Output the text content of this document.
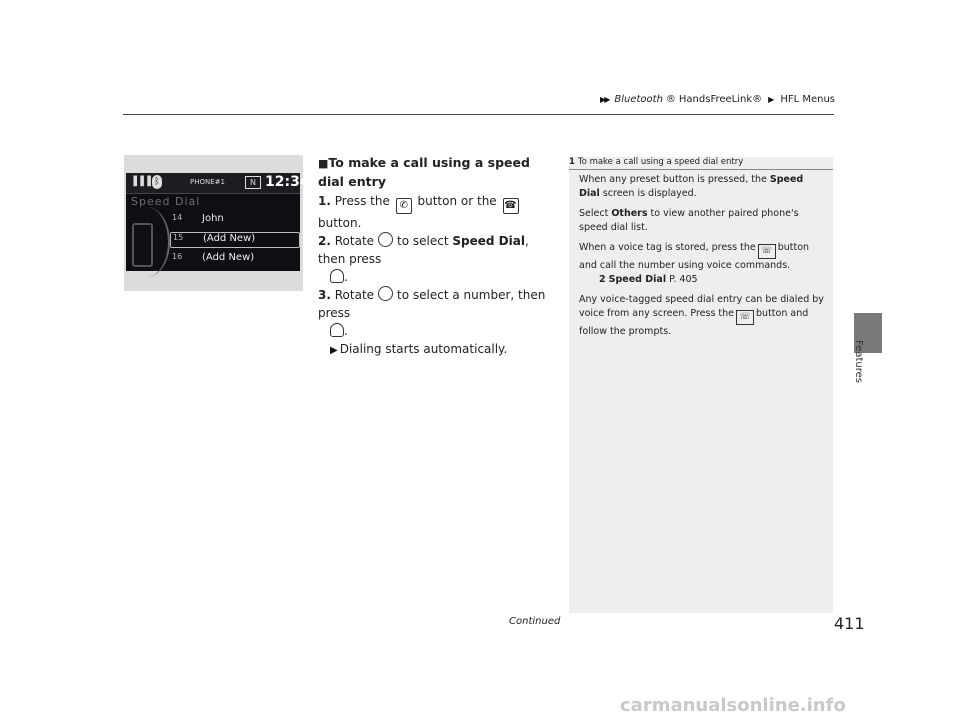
▶▶ Bluetooth ® HandsFreeLink® ▶ HFL Menus
Features
▐▐▐ ᛒ	PHONE#1	N 12:34
Speed Dial
14 John
15 (Add New)
16 (Add New)
■To make a call using a speed dial entry
1. Press the ✆ button or the ☎ button.
2. Rotate to select Speed Dial, then press
.
3. Rotate to select a number, then press
.
▶ Dialing starts automatically.
1 To make a call using a speed dial entry

When any preset button is pressed, the Speed Dial screen is displayed.

Select Others to view another paired phone's speed dial list.

When a voice tag is stored, press the ☏ button and call the number using voice commands.

2 Speed Dial P. 405

Any voice-tagged speed dial entry can be dialed by voice from any screen. Press the ☏ button and follow the prompts.

Continued	411
carmanualsonline.info
